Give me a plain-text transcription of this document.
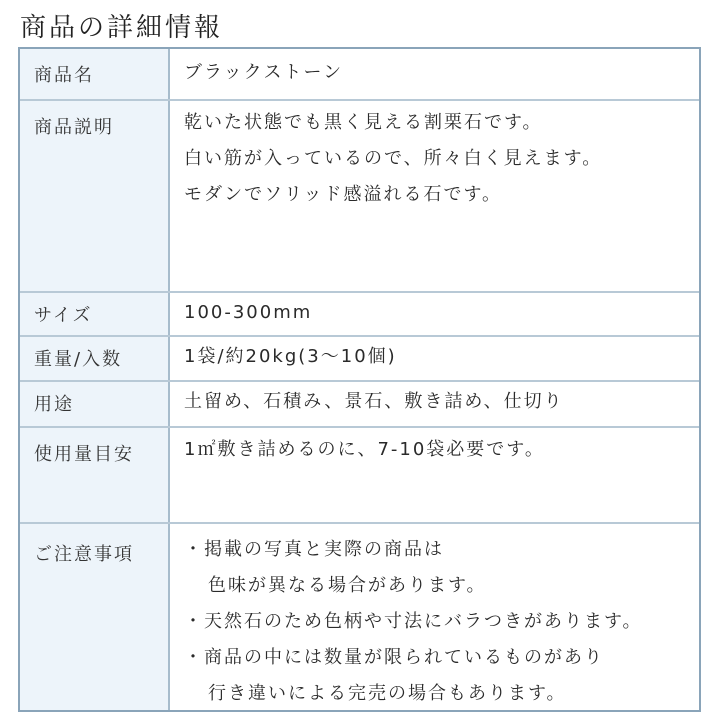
商品の詳細情報
商品名	ブラックストーン
商品説明	乾いた状態でも黒く見える割栗石です。
白い筋が入っているので、所々白く見えます。
モダンでソリッド感溢れる石です。
サイズ	100-300mm
重量/入数	1袋/約20kg(3〜10個)
用途	土留め、石積み、景石、敷き詰め、仕切り
使用量目安	1㎡敷き詰めるのに、7-10袋必要です。
ご注意事項	・掲載の写真と実際の商品は
色味が異なる場合があります。
・天然石のため色柄や寸法にバラつきがあります。
・商品の中には数量が限られているものがあり
行き違いによる完売の場合もあります。
